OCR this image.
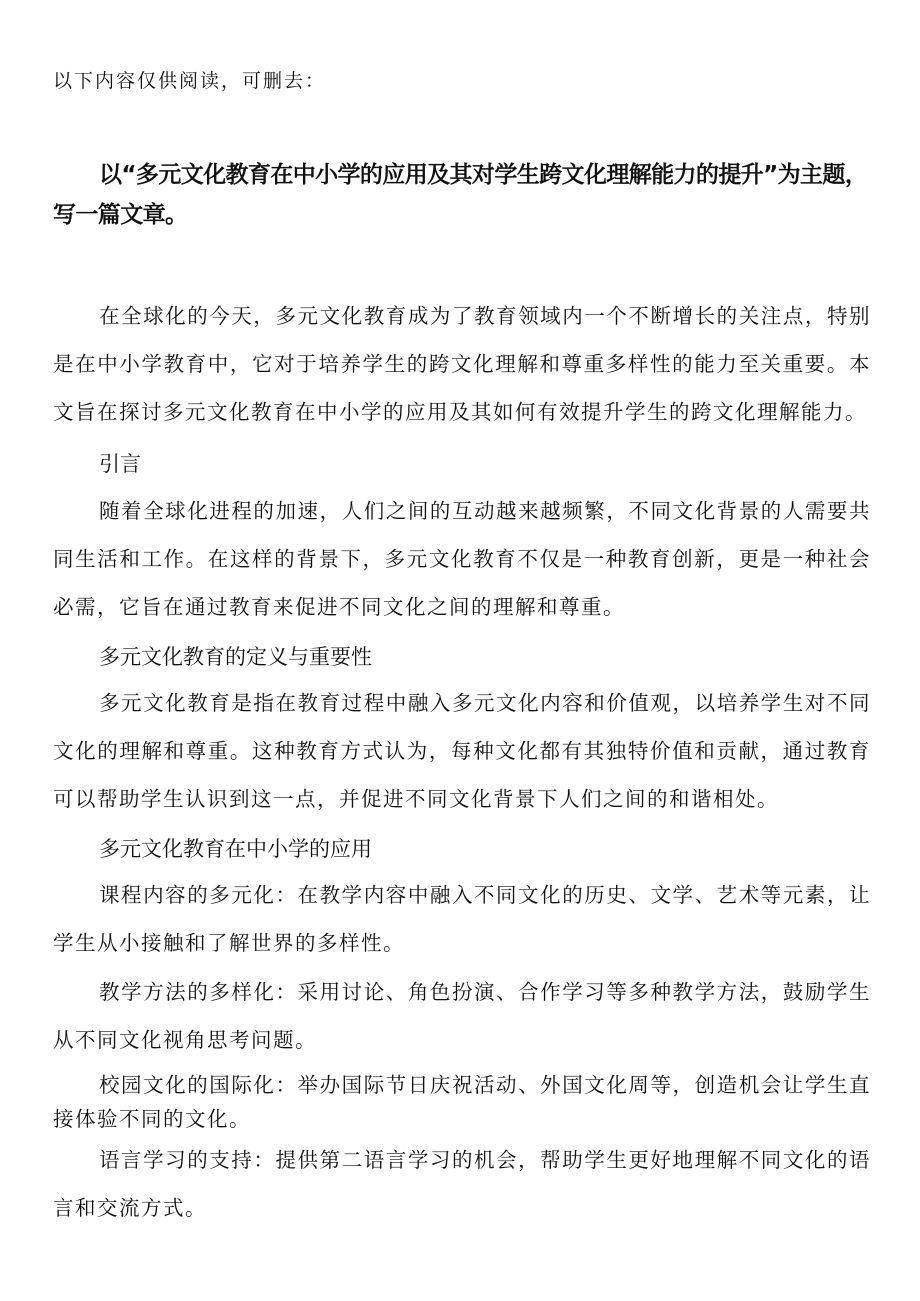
以下内容仅供阅读，可删去：
以“多元文化教育在中小学的应用及其对学生跨文化理解能力的提升”为主题，写一篇文章。
在全球化的今天，多元文化教育成为了教育领域内一个不断增长的关注点，特别是在中小学教育中，它对于培养学生的跨文化理解和尊重多样性的能力至关重要。本文旨在探讨多元文化教育在中小学的应用及其如何有效提升学生的跨文化理解能力。
引言
随着全球化进程的加速，人们之间的互动越来越频繁，不同文化背景的人需要共同生活和工作。在这样的背景下，多元文化教育不仅是一种教育创新，更是一种社会必需，它旨在通过教育来促进不同文化之间的理解和尊重。
多元文化教育的定义与重要性
多元文化教育是指在教育过程中融入多元文化内容和价值观，以培养学生对不同文化的理解和尊重。这种教育方式认为，每种文化都有其独特价值和贡献，通过教育可以帮助学生认识到这一点，并促进不同文化背景下人们之间的和谐相处。
多元文化教育在中小学的应用
课程内容的多元化：在教学内容中融入不同文化的历史、文学、艺术等元素，让学生从小接触和了解世界的多样性。
教学方法的多样化：采用讨论、角色扮演、合作学习等多种教学方法，鼓励学生从不同文化视角思考问题。
校园文化的国际化：举办国际节日庆祝活动、外国文化周等，创造机会让学生直接体验不同的文化。
语言学习的支持：提供第二语言学习的机会，帮助学生更好地理解不同文化的语言和交流方式。
